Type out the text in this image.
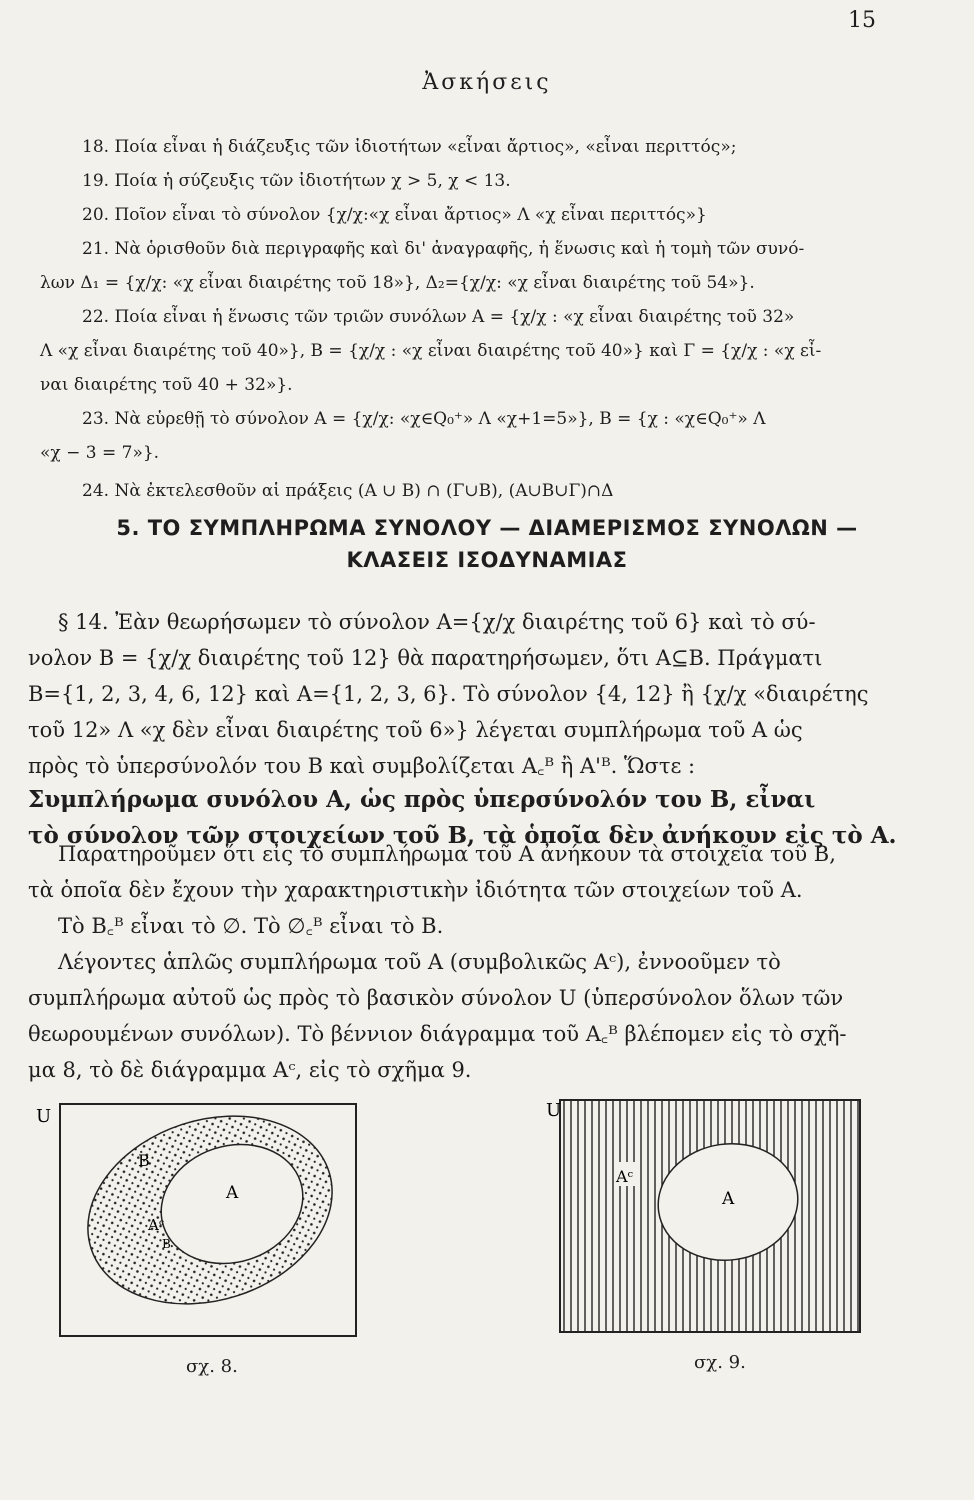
15
Ἀσκήσεις

18. Ποία εἶναι ἡ διάζευξις τῶν ἰδιοτήτων «εἶναι ἄρτιος», «εἶναι περιττός»;

19. Ποία ἡ σύζευξις τῶν ἰδιοτήτων χ > 5, χ < 13.

20. Ποῖον εἶναι τὸ σύνολον {χ/χ:«χ εἶναι ἄρτιος» Λ «χ εἶναι περιττός»}

21. Νὰ ὁρισθοῦν διὰ περιγραφῆς καὶ δι' ἀναγραφῆς, ἡ ἕνωσις καὶ ἡ τομὴ τῶν συνό-
λων Δ₁ = {χ/χ: «χ εἶναι διαιρέτης τοῦ 18»}, Δ₂={χ/χ: «χ εἶναι διαιρέτης τοῦ 54»}.

22. Ποία εἶναι ἡ ἕνωσις τῶν τριῶν συνόλων Α = {χ/χ : «χ εἶναι διαιρέτης τοῦ 32»
Λ «χ εἶναι διαιρέτης τοῦ 40»}, Β = {χ/χ : «χ εἶναι διαιρέτης τοῦ 40»} καὶ Γ = {χ/χ : «χ εἶ-
ναι διαιρέτης τοῦ 40 + 32»}.

23. Νὰ εὑρεθῇ τὸ σύνολον Α = {χ/χ: «χ∈Q₀⁺» Λ «χ+1=5»}, Β = {χ : «χ∈Q₀⁺» Λ
«χ − 3 = 7»}.

24. Νὰ ἐκτελεσθοῦν αἱ πράξεις (Α ∪ Β) ∩ (Γ∪Β), (Α∪Β∪Γ)∩Δ

5. ΤΟ ΣΥΜΠΛΗΡΩΜΑ ΣΥΝΟΛΟΥ — ΔΙΑΜΕΡΙΣΜΟΣ ΣΥΝΟΛΩΝ —
ΚΛΑΣΕΙΣ ΙΣΟΔΥΝΑΜΙΑΣ

§ 14. Ἐὰν θεωρήσωμεν τὸ σύνολον Α={χ/χ διαιρέτης τοῦ 6} καὶ τὸ σύ-

νολον Β = {χ/χ διαιρέτης τοῦ 12} θὰ παρατηρήσωμεν, ὅτι Α⊆Β. Πράγματι

Β={1, 2, 3, 4, 6, 12} καὶ Α={1, 2, 3, 6}. Τὸ σύνολον {4, 12} ἢ {χ/χ «διαιρέτης

τοῦ 12» Λ «χ δὲν εἶναι διαιρέτης τοῦ 6»} λέγεται συμπλήρωμα τοῦ Α ὡς

πρὸς τὸ ὑπερσύνολόν του Β καὶ συμβολίζεται Α꜀ᴮ ἢ Α'ᴮ. Ὥστε :

Συμπλήρωμα συνόλου Α, ὡς πρὸς ὑπερσύνολόν του Β, εἶναι

τὸ σύνολον τῶν στοιχείων τοῦ Β, τὰ ὁποῖα δὲν ἀνήκουν εἰς τὸ Α.

Παρατηροῦμεν ὅτι εἰς τὸ συμπλήρωμα τοῦ Α ἀνήκουν τὰ στοιχεῖα τοῦ Β,

τὰ ὁποῖα δὲν ἔχουν τὴν χαρακτηριστικὴν ἰδιότητα τῶν στοιχείων τοῦ Α.

Τὸ Β꜀ᴮ εἶναι τὸ ∅. Τὸ ∅꜀ᴮ εἶναι τὸ Β.

Λέγοντες ἁπλῶς συμπλήρωμα τοῦ Α (συμβολικῶς Αᶜ), ἐννοοῦμεν τὸ

συμπλήρωμα αὐτοῦ ὡς πρὸς τὸ βασικὸν σύνολον U (ὑπερσύνολον ὅλων τῶν

θεωρουμένων συνόλων). Τὸ βέννιον διάγραμμα τοῦ Α꜀ᴮ βλέπομεν εἰς τὸ σχῆ-

μα 8, τὸ δὲ διάγραμμα Αᶜ, εἰς τὸ σχῆμα 9.

U
B
A
Aᶜ
B
σχ. 8.
U
Aᶜ
A
σχ. 9.
